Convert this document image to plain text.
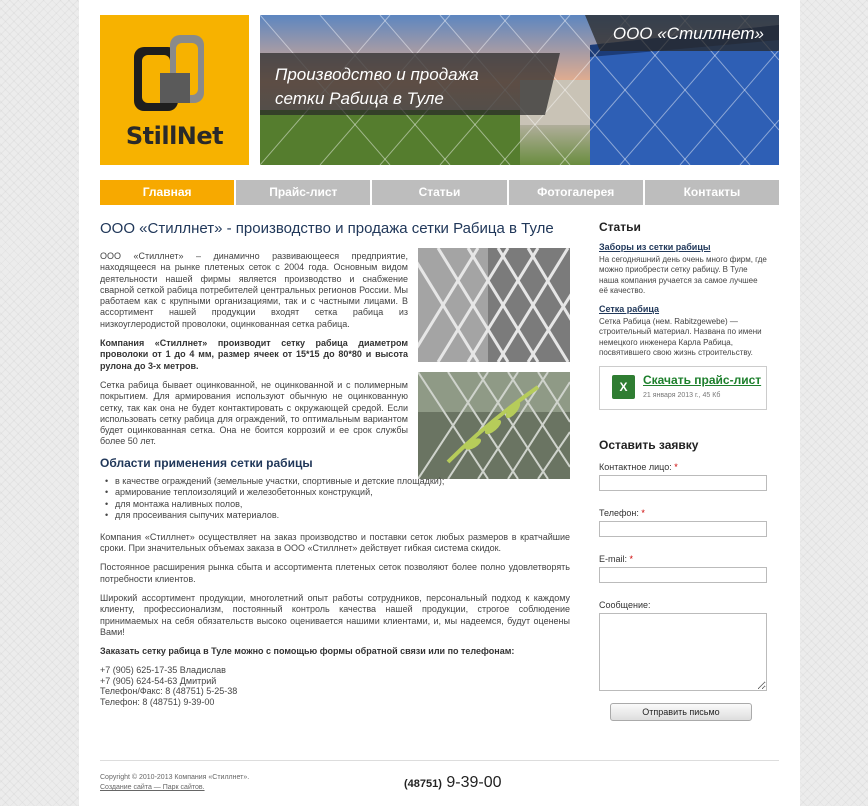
StillNet
ООО «Стиллнет»
Производство и продажа
сетки Рабица в Туле
Главная	Прайс-лист	Статьи	Фотогалерея	Контакты
ООО «Стиллнет» - производство и продажа сетки Рабица в Туле

ООО «Стиллнет» – динамично развивающееся предприятие, находящееся на рынке плетеных сеток с 2004 года. Основным видом деятельности нашей фирмы является производство и снабжение сварной сеткой рабица потребителей центральных регионов России. Мы работаем как с крупными организациями, так и с частными лицами. В ассортимент нашей продукции входят сетка рабица из низкоуглеродистой проволоки, оцинкованная сетка рабица.

Компания «Стиллнет» производит сетку рабица диаметром проволоки от 1 до 4 мм, размер ячеек от 15*15 до 80*80 и высота рулона до 3-х метров.

Сетка рабица бывает оцинкованной, не оцинкованной и с полимерным покрытием. Для армирования используют обычную не оцинкованную сетку, так как она не будет контактировать с окружающей средой. Если использовать сетку рабица для ограждений, то оптимальным вариантом будет оцинкованная сетка. Она не боится коррозий и ее срок службы более 50 лет.

Области применения сетки рабицы
• в качестве ограждений (земельные участки, спортивные и детские площадки);
• армирование теплоизоляций и железобетонных конструкций,
• для монтажа наливных полов,
• для просеивания сыпучих материалов.

Компания «Стиллнет» осуществляет на заказ производство и поставки сеток любых размеров в кратчайшие сроки. При значительных объемах заказа в ООО «Стиллнет» действует гибкая система скидок.

Постоянное расширения рынка сбыта и ассортимента плетеных сеток позволяют более полно удовлетворять потребности клиентов.

Широкий ассортимент продукции, многолетний опыт работы сотрудников, персональный подход к каждому клиенту, профессионализм, постоянный контроль качества нашей продукции, строгое соблюдение принимаемых на себя обязательств высоко оценивается нашими клиентами, и, мы надеемся, будут оценены Вами!

Заказать сетку рабица в Туле можно с помощью формы обратной связи или по телефонам:

+7 (905) 625-17-35 Владислав
+7 (905) 624-54-63 Дмитрий
Телефон/Факс: 8 (48751) 5-25-38
Телефон: 8 (48751) 9-39-00
Статьи
Заборы из сетки рабицы
На сегодняшний день очень много фирм, где можно приобрести сетку рабицу. В Туле наша компания ручается за самое лучшее её качество.
Сетка рабица
Сетка Рабица (нем. Rabitzgewebe) — строительный материал. Названа по имени немецкого инженера Карла Рабица, посвятившего свою жизнь строительству.
X	Скачать прайс-лист
21 января 2013 г., 45 Кб
Оставить заявку
Контактное лицо: *
Телефон: *
E-mail: *
Сообщение:
Отправить письмо
Copyright © 2010-2013 Компания «Стиллнет».
Создание сайта — Парк сайтов.	(48751) 9-39-00
